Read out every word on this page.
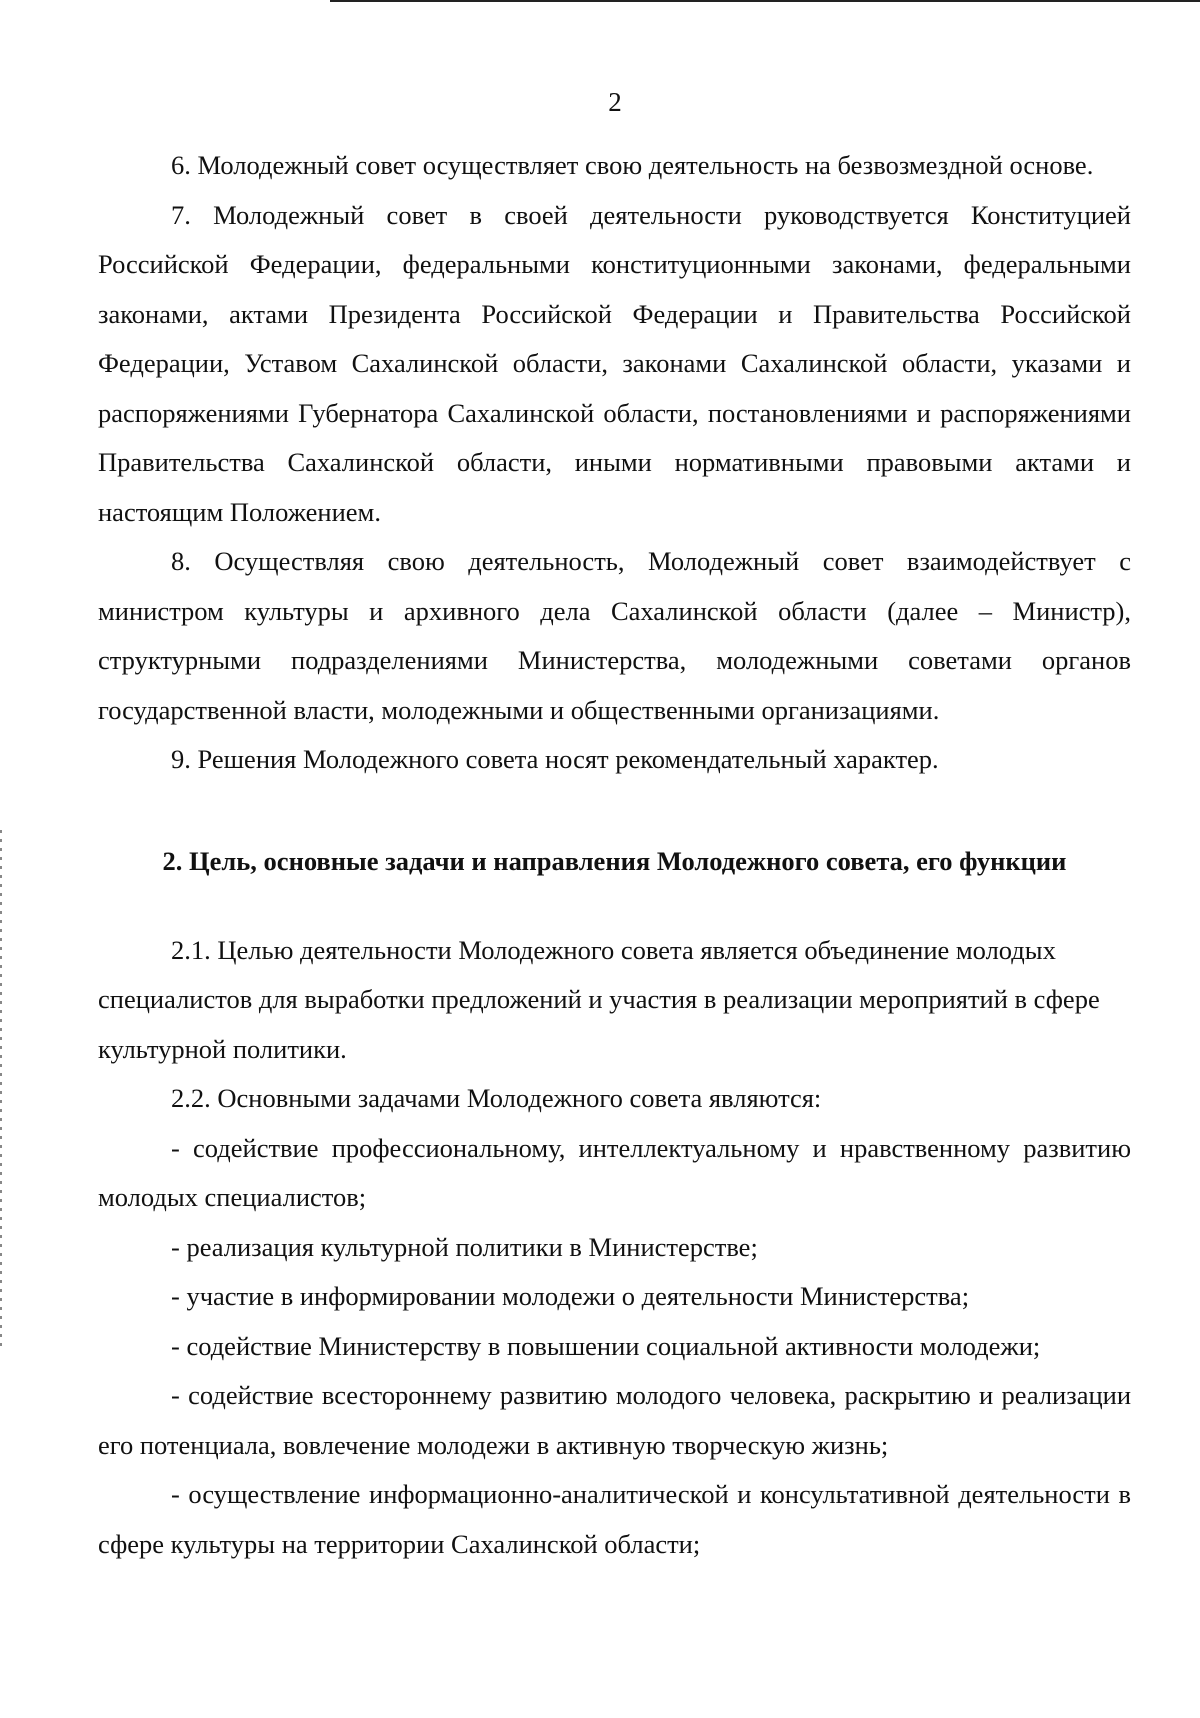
2

6. Молодежный совет осуществляет свою деятельность на безвозмездной основе.

7. Молодежный совет в своей деятельности руководствуется Конституцией Российской Федерации, федеральными конституционными законами, федеральными законами, актами Президента Российской Федерации и Правительства Российской Федерации, Уставом Сахалинской области, законами Сахалинской области, указами и распоряжениями Губернатора Сахалинской области, постановлениями и распоряжениями Правительства Сахалинской области, иными нормативными правовыми актами и настоящим Положением.

8. Осуществляя свою деятельность, Молодежный совет взаимодействует с министром культуры и архивного дела Сахалинской области (далее – Министр), структурными подразделениями Министерства, молодежными советами органов государственной власти, молодежными и общественными организациями.

9. Решения Молодежного совета носят рекомендательный характер.

2. Цель, основные задачи и направления Молодежного совета, его функции

2.1. Целью деятельности Молодежного совета является объединение молодых специалистов для выработки предложений и участия в реализации мероприятий в сфере культурной политики.

2.2. Основными задачами Молодежного совета являются:

- содействие профессиональному, интеллектуальному и нравственному развитию молодых специалистов;

- реализация культурной политики в Министерстве;

- участие в информировании молодежи о деятельности Министерства;

- содействие Министерству в повышении социальной активности молодежи;

- содействие всестороннему развитию молодого человека, раскрытию и реализации его потенциала, вовлечение молодежи в активную творческую жизнь;

- осуществление информационно-аналитической и консультативной деятельности в сфере культуры на территории Сахалинской области;
